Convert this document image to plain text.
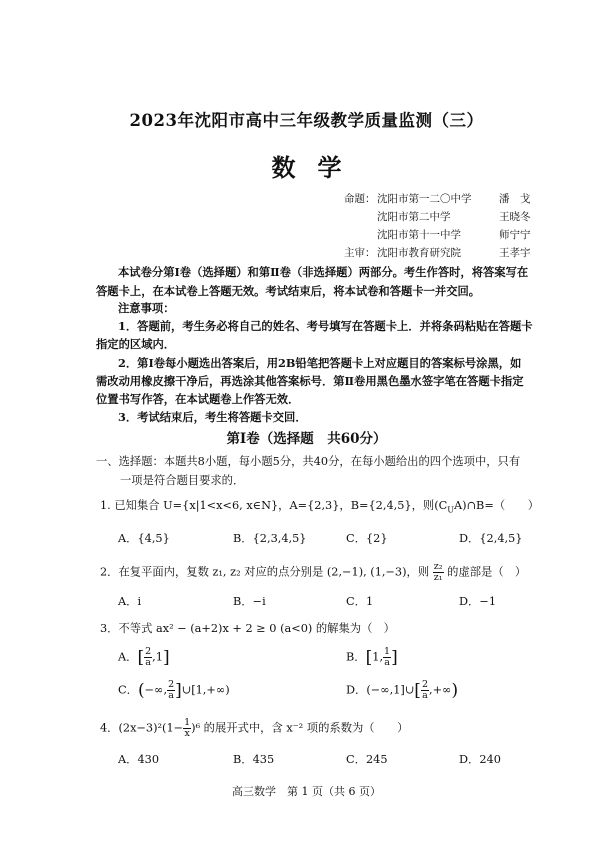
2023年沈阳市高中三年级教学质量监测（三）
数学
命题： 沈阳市第一二〇中学	潘　戈
沈阳市第二中学	王晓冬
沈阳市第十一中学	师宁宁
主审： 沈阳市教育研究院	王孝宇
本试卷分第Ⅰ卷（选择题）和第Ⅱ卷（非选择题）两部分。考生作答时，将答案写在
答题卡上，在本试卷上答题无效。考试结束后，将本试卷和答题卡一并交回。
注意事项：
1．答题前，考生务必将自己的姓名、考号填写在答题卡上．并将条码粘贴在答题卡
指定的区域内．
2．第Ⅰ卷每小题选出答案后，用2B铅笔把答题卡上对应题目的答案标号涂黑，如
需改动用橡皮擦干净后，再选涂其他答案标号．第Ⅱ卷用黑色墨水签字笔在答题卡指定
位置书写作答，在本试题卷上作答无效．
3．考试结束后，考生将答题卡交回．
第Ⅰ卷（选择题　共60分）
一、选择题：本题共8小题，每小题5分，共40分，在每小题给出的四个选项中，只有
一项是符合题目要求的．
1. 已知集合 U={x|1<x<6, x∈N}，A={2,3}，B={2,4,5}，则$(C_UA)\cap B=$（　　）
A．{4,5}	B．{2,3,4,5}	C．{2}	D．{2,4,5}
2．在复平面内，复数 z₁, z₂ 对应的点分别是 (2,−1), (1,−3)，则 $\frac{\text{z₂}}{\text{z₁}}$ 的虚部是（　）
A．i	B．−i	C．1	D．−1
3．不等式 ax² − (a+2)x + 2 ≥ 0 (a<0) 的解集为（　）
A．[ $\frac{2}{a} ,1$]	B．[1, $\frac{1}{a}$ ]
C．(−∞, $\frac{2}{a}$ ]∪[1,+∞)	D．(−∞,1]∪[ $\frac{2}{a}$ ,+∞)
4．$(2x-3)^2(1- \frac{1}{x} )^6$ 的展开式中，含 x⁻² 项的系数为（　　）
A．430	B．435	C．245	D．240
高三数学　第 1 页（共 6 页）
